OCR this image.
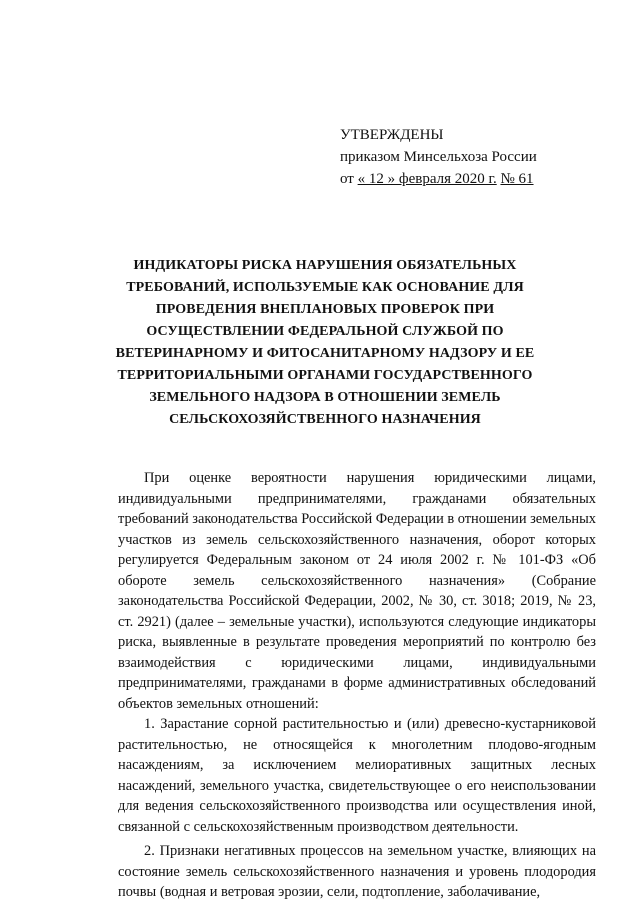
УТВЕРЖДЕНЫ
приказом Минсельхоза России
от « 12 » февраля 2020 г. № 61
ИНДИКАТОРЫ РИСКА НАРУШЕНИЯ ОБЯЗАТЕЛЬНЫХ ТРЕБОВАНИЙ, ИСПОЛЬЗУЕМЫЕ КАК ОСНОВАНИЕ ДЛЯ ПРОВЕДЕНИЯ ВНЕПЛАНОВЫХ ПРОВЕРОК ПРИ ОСУЩЕСТВЛЕНИИ ФЕДЕРАЛЬНОЙ СЛУЖБОЙ ПО ВЕТЕРИНАРНОМУ И ФИТОСАНИТАРНОМУ НАДЗОРУ И ЕЕ ТЕРРИТОРИАЛЬНЫМИ ОРГАНАМИ ГОСУДАРСТВЕННОГО ЗЕМЕЛЬНОГО НАДЗОРА В ОТНОШЕНИИ ЗЕМЕЛЬ СЕЛЬСКОХОЗЯЙСТВЕННОГО НАЗНАЧЕНИЯ

При оценке вероятности нарушения юридическими лицами, индивидуальными предпринимателями, гражданами обязательных требований законодательства Российской Федерации в отношении земельных участков из земель сельскохозяйственного назначения, оборот которых регулируется Федеральным законом от 24 июля 2002 г. № 101-ФЗ «Об обороте земель сельскохозяйственного назначения» (Собрание законодательства Российской Федерации, 2002, № 30, ст. 3018; 2019, № 23, ст. 2921) (далее – земельные участки), используются следующие индикаторы риска, выявленные в результате проведения мероприятий по контролю без взаимодействия с юридическими лицами, индивидуальными предпринимателями, гражданами в форме административных обследований объектов земельных отношений:

1. Зарастание сорной растительностью и (или) древесно-кустарниковой растительностью, не относящейся к многолетним плодово-ягодным насаждениям, за исключением мелиоративных защитных лесных насаждений, земельного участка, свидетельствующее о его неиспользовании для ведения сельскохозяйственного производства или осуществления иной, связанной с сельскохозяйственным производством деятельности.

2. Признаки негативных процессов на земельном участке, влияющих на состояние земель сельскохозяйственного назначения и уровень плодородия почвы (водная и ветровая эрозии, сели, подтопление, заболачивание,
